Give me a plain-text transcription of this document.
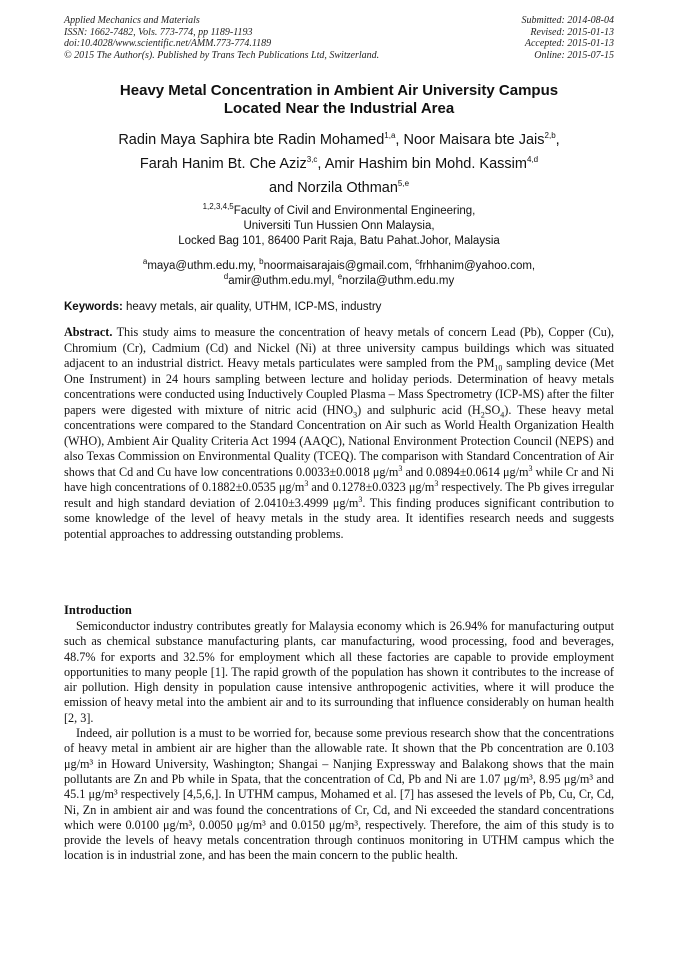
Applied Mechanics and Materials
ISSN: 1662-7482, Vols. 773-774, pp 1189-1193
doi:10.4028/www.scientific.net/AMM.773-774.1189
© 2015 The Author(s). Published by Trans Tech Publications Ltd, Switzerland.
Submitted: 2014-08-04
Revised: 2015-01-13
Accepted: 2015-01-13
Online: 2015-07-15
Heavy Metal Concentration in Ambient Air University Campus
Located Near the Industrial Area
Radin Maya Saphira bte Radin Mohamed$^{1,a}$, Noor Maisara bte Jais$^{2,b}$,
Farah Hanim Bt. Che Aziz$^{3,c}$, Amir Hashim bin Mohd. Kassim$^{4,d}$
and Norzila Othman$^{5,e}$
$^{1,2,3,4,5}$Faculty of Civil and Environmental Engineering,
Universiti Tun Hussien Onn Malaysia,
Locked Bag 101, 86400 Parit Raja, Batu Pahat.Johor, Malaysia
$^a$maya@uthm.edu.my, $^b$noormaisarajais@gmail.com, $^c$frhhanim@yahoo.com,
$^d$amir@uthm.edu.myl, $^e$norzila@uthm.edu.my
Keywords: heavy metals, air quality, UTHM, ICP-MS, industry
Abstract. This study aims to measure the concentration of heavy metals of concern Lead (Pb), Copper (Cu), Chromium (Cr), Cadmium (Cd) and Nickel (Ni) at three university campus buildings which was situated adjacent to an industrial district. Heavy metals particulates were sampled from the $PM_{10}$ sampling device (Met One Instrument) in 24 hours sampling between lecture and holiday periods. Determination of heavy metals concentrations were conducted using Inductively Coupled Plasma – Mass Spectrometry (ICP-MS) after the filter papers were digested with mixture of nitric acid $(HNO_3)$ and sulphuric acid $(H_2SO_4)$. These heavy metal concentrations were compared to the Standard Concentration on Air such as World Health Organization Health (WHO), Ambient Air Quality Criteria Act 1994 (AAQC), National Environment Protection Council (NEPS) and also Texas Commission on Environmental Quality (TCEQ). The comparison with Standard Concentration of Air shows that Cd and Cu have low concentrations 0.0033±0.0018 $\mu g/m^3$ and 0.0894±0.0614 $\mu g/m^3$ while Cr and Ni have high concentrations of 0.1882±0.0535 $\mu g/m^3$ and 0.1278±0.0323 $\mu g/m^3$ respectively. The Pb gives irregular result and high standard deviation of 2.0410±3.4999 $\mu g/m^3$. This finding produces significant contribution to some knowledge of the level of heavy metals in the study area. It identifies research needs and suggests potential approaches to addressing outstanding problems.
Introduction

Semiconductor industry contributes greatly for Malaysia economy which is 26.94% for manufacturing output such as chemical substance manufacturing plants, car manufacturing, wood processing, food and beverages, 48.7% for exports and 32.5% for employment which all these factories are capable to provide employment opportunities to many people [1]. The rapid growth of the population has shown it contributes to the increase of air pollution. High density in population cause intensive anthropogenic activities, where it will produce the emission of heavy metal into the ambient air and to its surrounding that influence considerably on human health [2, 3].

Indeed, air pollution is a must to be worried for, because some previous research show that the concentrations of heavy metal in ambient air are higher than the allowable rate. It shown that the Pb concentration are 0.103 μg/m³ in Howard University, Washington; Shangai – Nanjing Expressway and Balakong shows that the main pollutants are Zn and Pb while in Spata, that the concentration of Cd, Pb and Ni are 1.07 μg/m³, 8.95 μg/m³ and 45.1 μg/m³ respectively [4,5,6,]. In UTHM campus, Mohamed et al. [7] has assesed the levels of Pb, Cu, Cr, Cd, Ni, Zn in ambient air and was found the concentrations of Cr, Cd, and Ni exceeded the standard concentrations which were 0.0100 μg/m³, 0.0050 μg/m³ and 0.0150 μg/m³, respectively. Therefore, the aim of this study is to provide the levels of heavy metals concentration through continuos monitoring in UTHM campus which the location is in industrial zone, and has been the main concern to the public health.
